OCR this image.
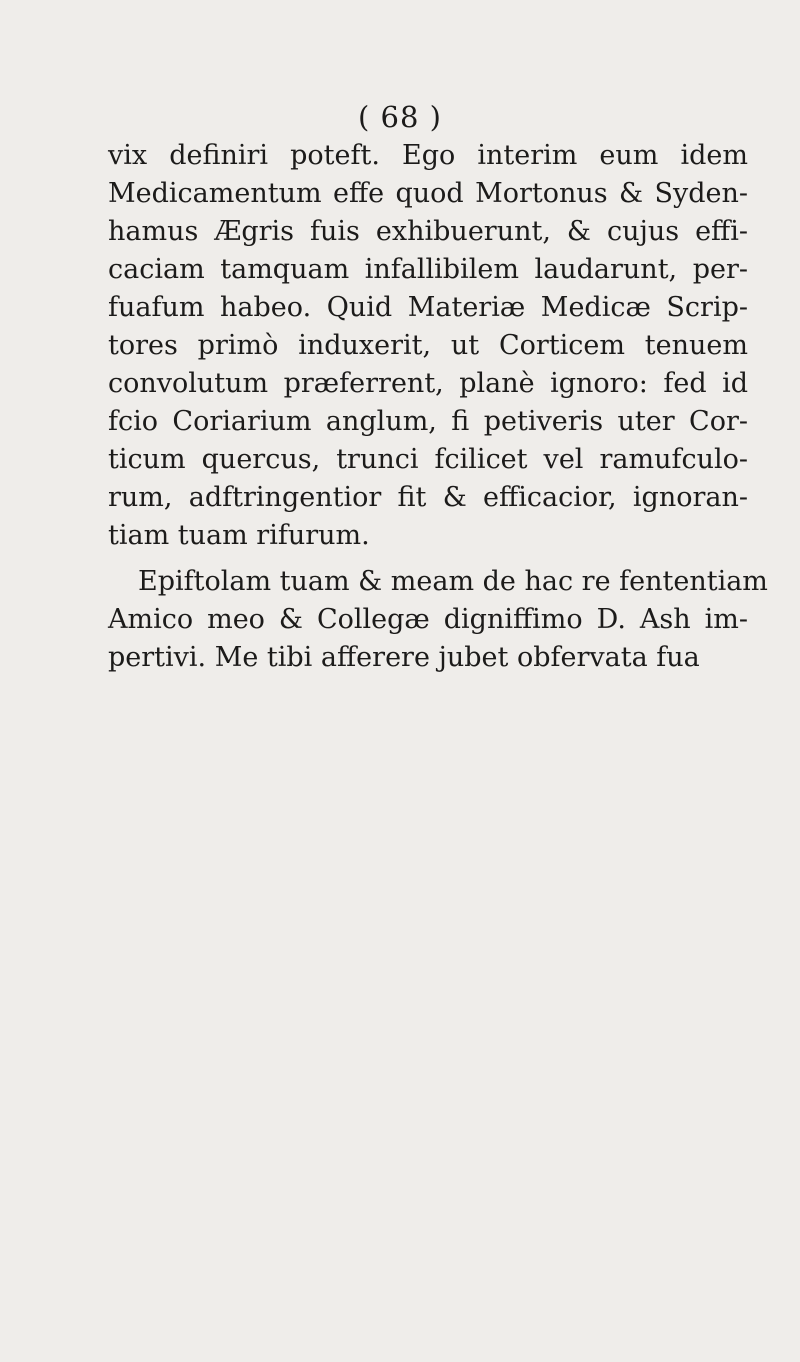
( 68 )
vix definiri poteft. Ego interim eum idem
Medicamentum effe quod Mortonus & Syden-
hamus Ægris fuis exhibuerunt, & cujus effi-
caciam tamquam infallibilem laudarunt, per-
fuafum habeo. Quid Materiæ Medicæ Scrip-
tores primò induxerit, ut Corticem tenuem
convolutum præferrent, planè ignoro: fed id
fcio Coriarium anglum, fi petiveris uter Cor-
ticum quercus, trunci fcilicet vel ramufculo-
rum, adftringentior fit & efficacior, ignoran-
tiam tuam rifurum.
Epiftolam tuam & meam de hac re fententiam
Amico meo & Collegæ digniffimo D. Ash im-
pertivi. Me tibi afferere jubet obfervata fua
